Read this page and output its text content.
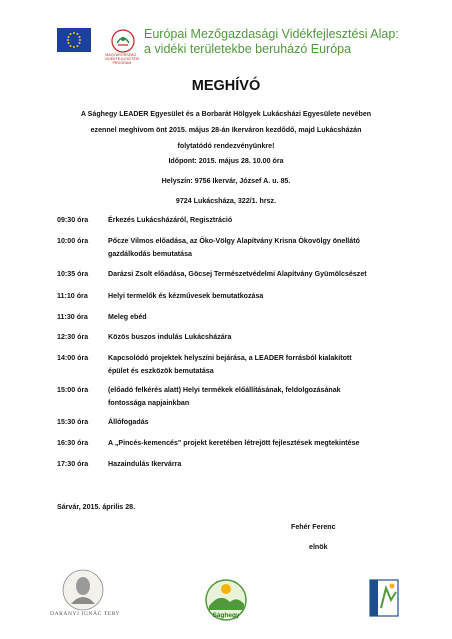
MAGYARORSZÁG · VIDÉKFEJLESZTÉSI PROGRAM
Európai Mezőgazdasági Vidékfejlesztési Alap:
a vidéki területekbe beruházó Európa
MEGHÍVÓ
A Sághegy LEADER Egyesület és a Borbarát Hölgyek Lukácsházi Egyesülete nevében
ezennel meghívom önt 2015. május 28-án Ikerváron kezdődő, majd Lukácsházán
folytatódó rendezvényünkre!
Időpont: 2015. május 28. 10.00 óra
Helyszín: 9756 Ikervár, József A. u. 85.
9724 Lukácsháza, 322/1. hrsz.
09:30 óra	Érkezés Lukácsházáról, Regisztráció
10:00 óra	Pőcze Vilmos előadása, az Öko-Völgy Alapítvány Krisna Ökovölgy önellátó
gazdálkodás bemutatása
10:35 óra	Darázsi Zsolt előadása, Göcsej Természetvédelmi Alapítvány Gyümölcsészet
11:10 óra	Helyi termelők és kézművesek bemutatkozása
11:30 óra	Meleg ebéd
12:30 óra	Közös buszos indulás Lukácsházára
14:00 óra	Kapcsolódó projektek helyszíni bejárása, a LEADER forrásból kialakított
épület és eszközök bemutatása
15:00 óra	(előadó felkérés alatt) Helyi termékek előállításának, feldolgozásának
fontossága napjainkban
15:30 óra	Állófogadás
16:30 óra	A „Pincés-kemencés" projekt keretében létrejött fejlesztések megtekintése
17:30 óra	Hazaindulás Ikervárra
Sárvár, 2015. április 28.
Fehér Ferenc
elnök
DARÁNYI IGNÁC TERV	Sághegy
